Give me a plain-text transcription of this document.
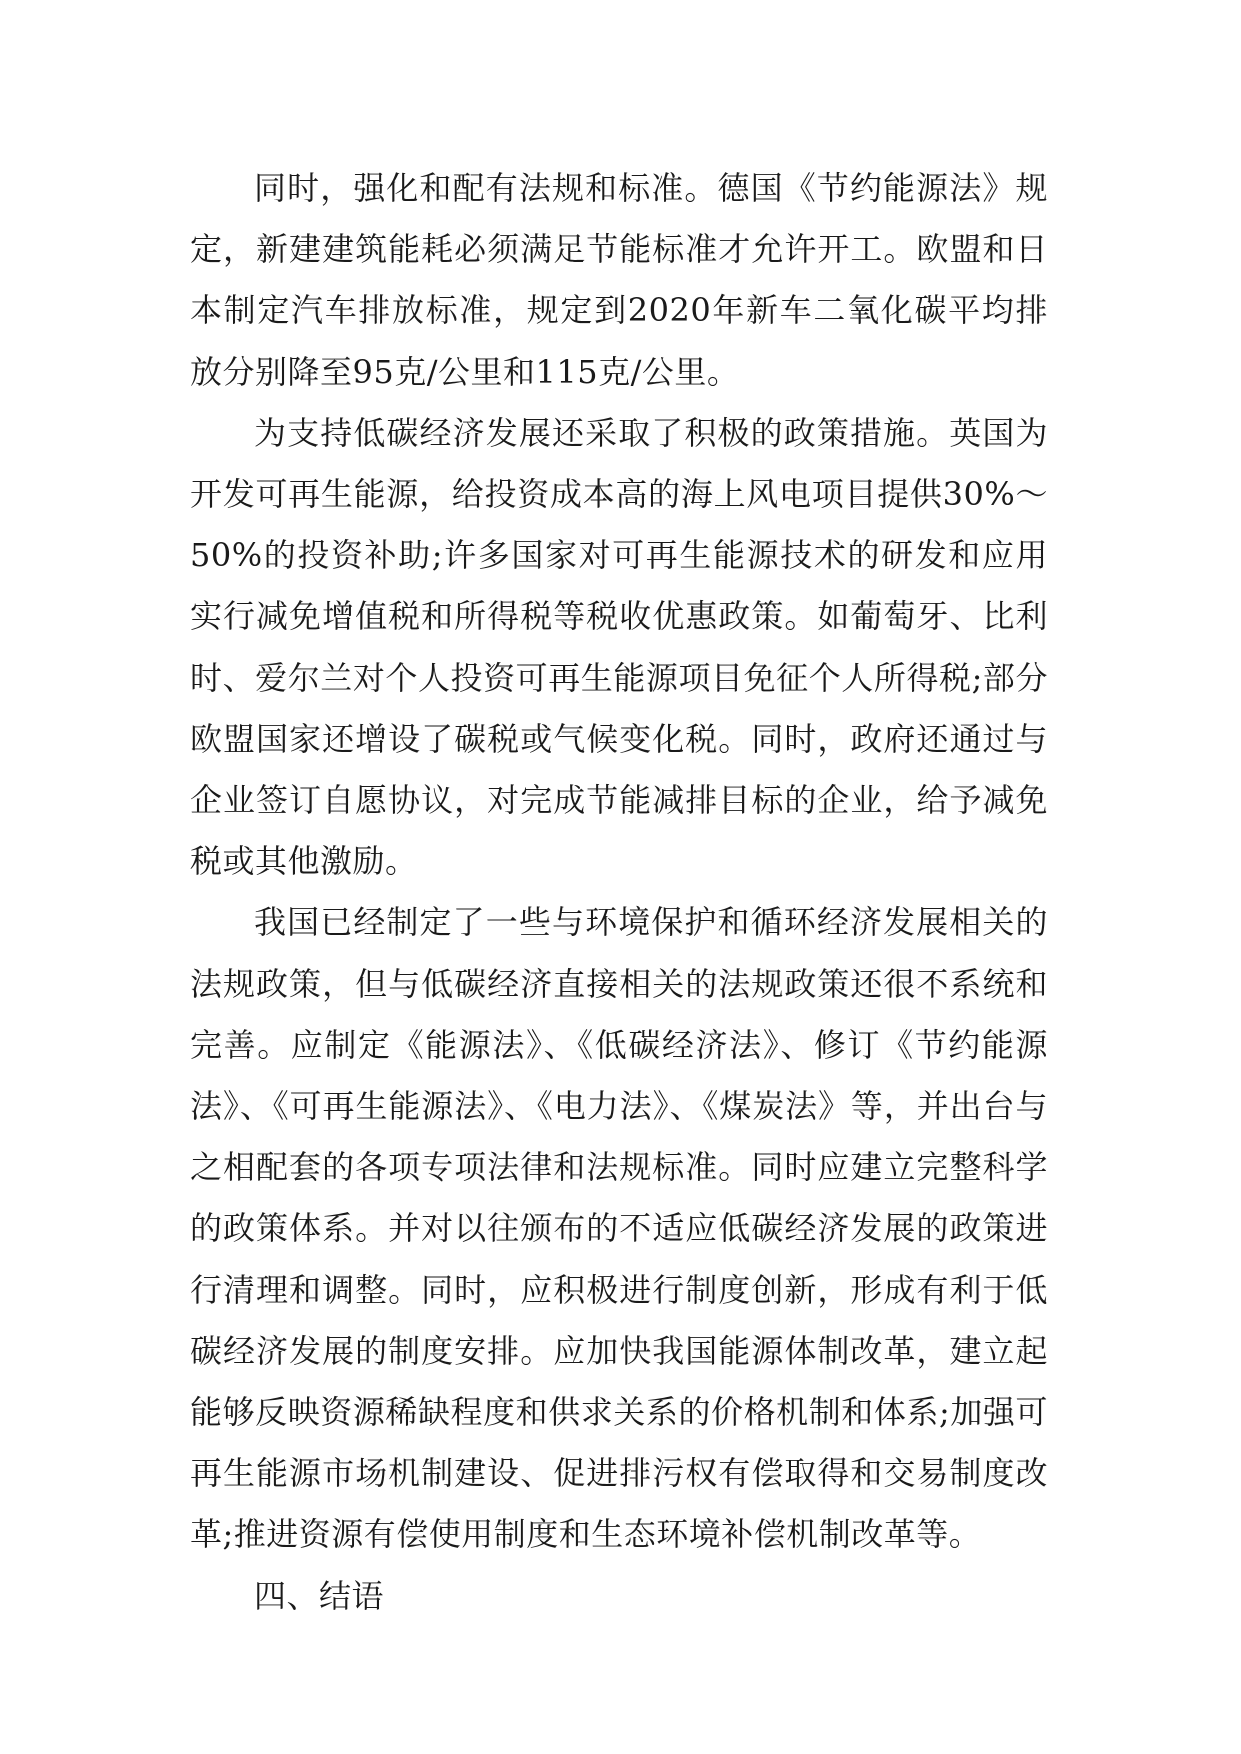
同时，强化和配有法规和标准。德国《节约能源法》规定，新建建筑能耗必须满足节能标准才允许开工。欧盟和日本制定汽车排放标准，规定到2020年新车二氧化碳平均排放分别降至95克/公里和115克/公里。

为支持低碳经济发展还采取了积极的政策措施。英国为开发可再生能源，给投资成本高的海上风电项目提供30%～50%的投资补助;许多国家对可再生能源技术的研发和应用实行减免增值税和所得税等税收优惠政策。如葡萄牙、比利时、爱尔兰对个人投资可再生能源项目免征个人所得税;部分欧盟国家还增设了碳税或气候变化税。同时，政府还通过与企业签订自愿协议，对完成节能减排目标的企业，给予减免税或其他激励。

我国已经制定了一些与环境保护和循环经济发展相关的法规政策，但与低碳经济直接相关的法规政策还很不系统和完善。应制定《能源法》、《低碳经济法》、修订《节约能源法》、《可再生能源法》、《电力法》、《煤炭法》等，并出台与之相配套的各项专项法律和法规标准。同时应建立完整科学的政策体系。并对以往颁布的不适应低碳经济发展的政策进行清理和调整。同时，应积极进行制度创新，形成有利于低碳经济发展的制度安排。应加快我国能源体制改革，建立起能够反映资源稀缺程度和供求关系的价格机制和体系;加强可再生能源市场机制建设、促进排污权有偿取得和交易制度改革;推进资源有偿使用制度和生态环境补偿机制改革等。

四、结语
